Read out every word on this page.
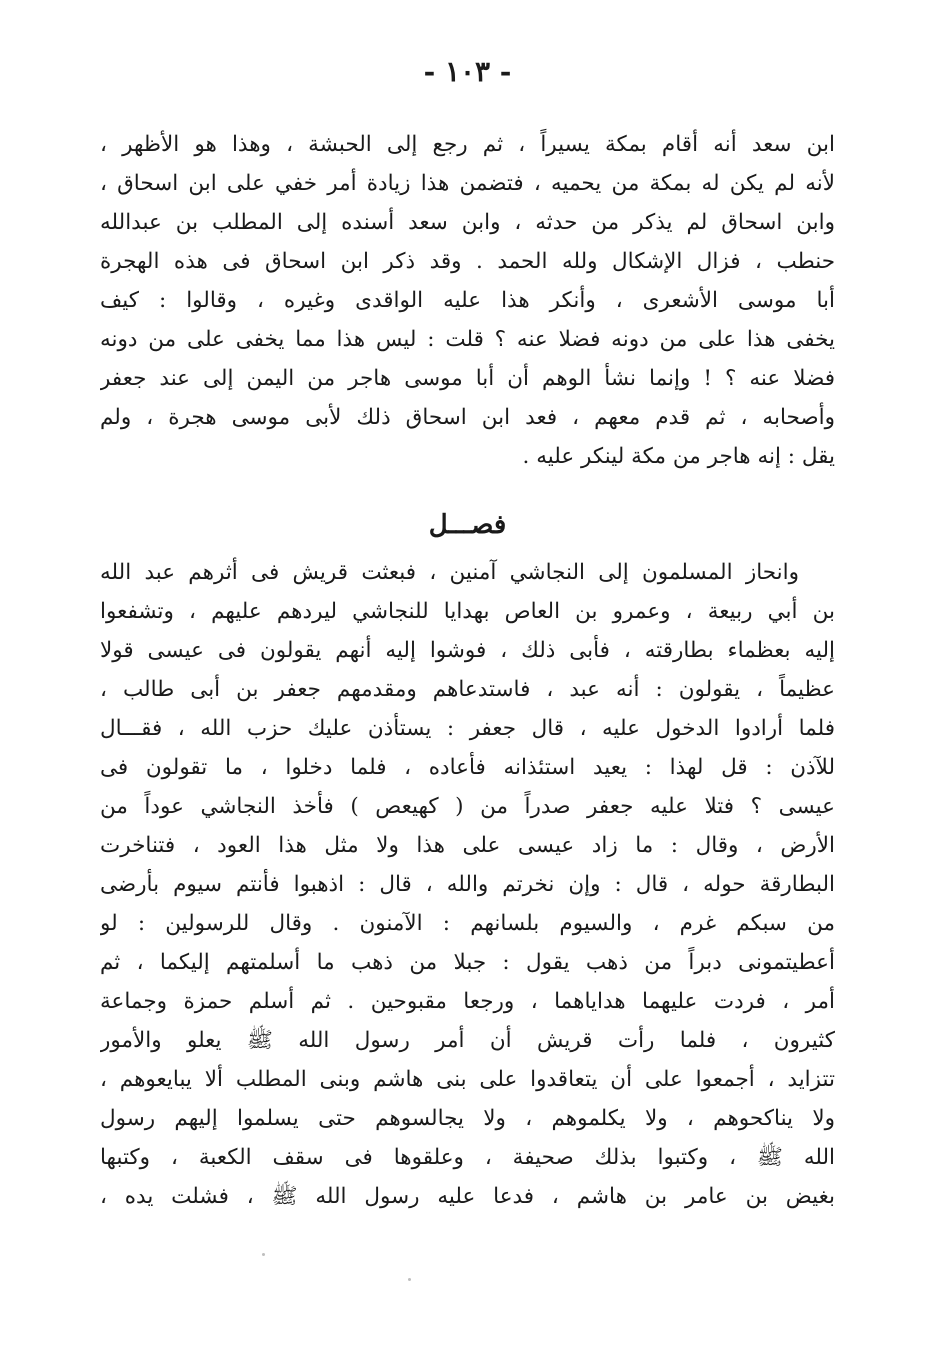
- ١٠٣ -
ابن سعد أنه أقام بمكة يسيراً ، ثم رجع إلى الحبشة ، وهذا هو الأظهر ،
لأنه لم يكن له بمكة من يحميه ، فتضمن هذا زيادة أمر خفي على ابن اسحاق ،
وابن اسحاق لم يذكر من حدثه ، وابن سعد أسنده إلى المطلب بن عبدالله
حنطب ، فزال الإشكال ولله الحمد . وقد ذكر ابن اسحاق فى هذه الهجرة
أبا موسى الأشعرى ، وأنكر هذا عليه الواقدى وغيره ، وقالوا : كيف
يخفى هذا على من دونه فضلا عنه ؟ قلت : ليس هذا مما يخفى على من دونه
فضلا عنه ؟ ! وإنما نشأ الوهم أن أبا موسى هاجر من اليمن إلى عند جعفر
وأصحابه ، ثم قدم معهم ، فعد ابن اسحاق ذلك لأبى موسى هجرة ، ولم
يقل : إنه هاجر من مكة لينكر عليه .
فصـــل
وانحاز المسلمون إلى النجاشي آمنين ، فبعثت قريش فى أثرهم عبد الله
بن أبي ربيعة ، وعمرو بن العاص بهدايا للنجاشي ليردهم عليهم ، وتشفعوا
إليه بعظماء بطارقته ، فأبى ذلك ، فوشوا إليه أنهم يقولون فى عيسى قولا
عظيماً ، يقولون : أنه عبد ، فاستدعاهم ومقدمهم جعفر بن أبى طالب ،
فلما أرادوا الدخول عليه ، قال جعفر : يستأذن عليك حزب الله ، فقـــال
للآذن : قل لهذا : يعيد استئذانه فأعاده ، فلما دخلوا ، ما تقولون فى
عيسى ؟ فتلا عليه جعفر صدراً من ( كهيعص ) فأخذ النجاشي عوداً من
الأرض ، وقال : ما زاد عيسى على هذا ولا مثل هذا العود ، فتناخرت
البطارقة حوله ، قال : وإن نخرتم والله ، قال : اذهبوا فأنتم سيوم بأرضى
من سبكم غرم ، والسيوم بلسانهم : الآمنون . وقال للرسولين : لو
أعطيتمونى دبراً من ذهب يقول : جبلا من ذهب ما أسلمتهم إليكما ، ثم
أمر ، فردت عليهما هداياهما ، ورجعا مقبوحين . ثم أسلم حمزة وجماعة
كثيرون ، فلما رأت قريش أن أمر رسول الله ﷺ يعلو والأمور
تتزايد ، أجمعوا على أن يتعاقدوا على بنى هاشم وبنى المطلب ألا يبايعوهم ،
ولا يناكحوهم ، ولا يكلموهم ، ولا يجالسوهم حتى يسلموا إليهم رسول
الله ﷺ ، وكتبوا بذلك صحيفة ، وعلقوها فى سقف الكعبة ، وكتبها
بغيض بن عامر بن هاشم ، فدعا عليه رسول الله ﷺ ، فشلت يده ،
